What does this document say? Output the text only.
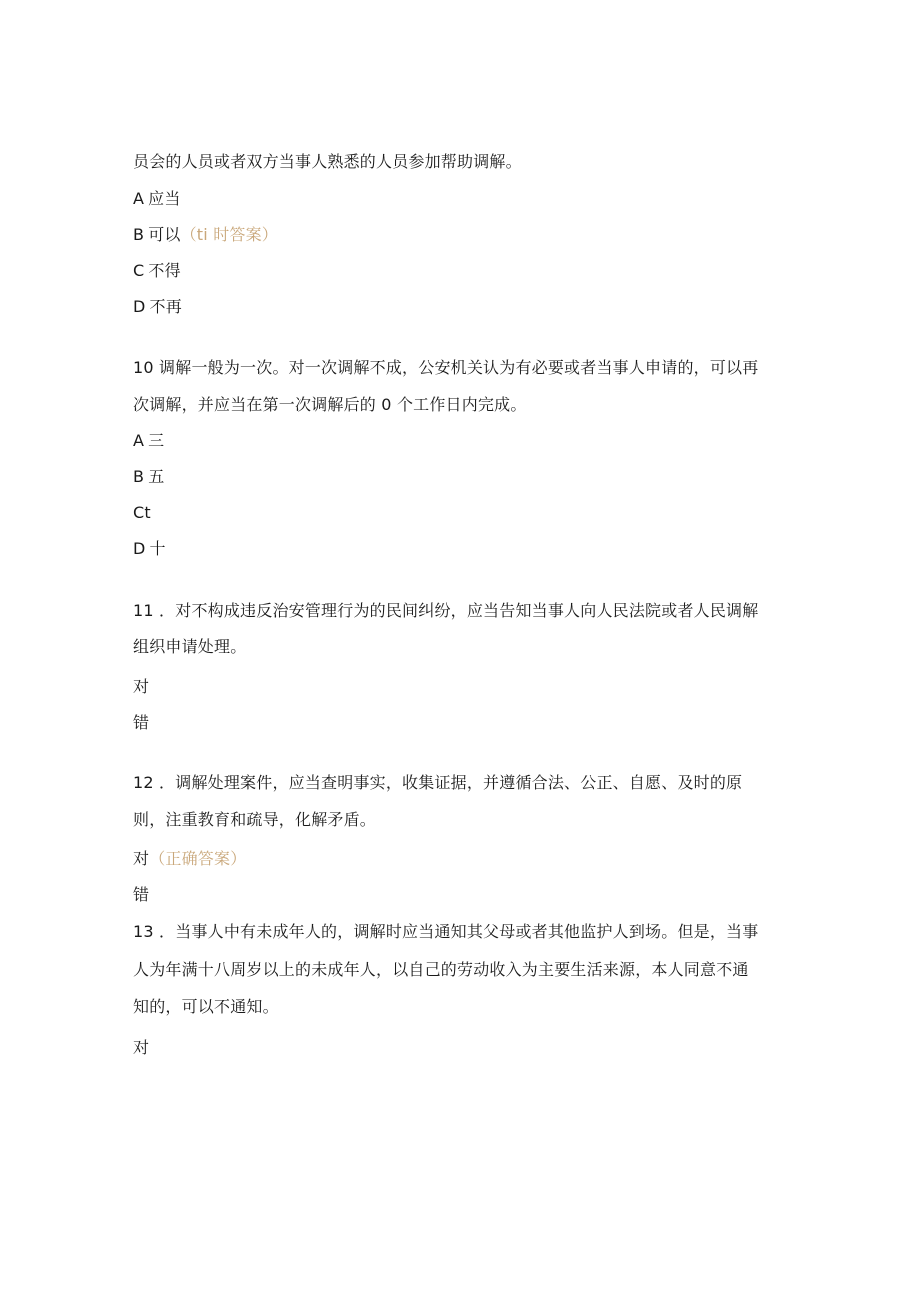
员会的人员或者双方当事人熟悉的人员参加帮助调解。
A 应当
B 可以（ti 时答案）
C 不得
D 不再
10 调解一般为一次。对一次调解不成，公安机关认为有必要或者当事人申请的，可以再
次调解，并应当在第一次调解后的 0 个工作日内完成。
A 三
B 五
Ct
D 十
11 ．对不构成违反治安管理行为的民间纠纷，应当告知当事人向人民法院或者人民调解
组织申请处理。
对
错
12 ．调解处理案件，应当查明事实，收集证据，并遵循合法、公正、自愿、及时的原
则，注重教育和疏导，化解矛盾。
对（正确答案）
错
13 ．当事人中有未成年人的，调解时应当通知其父母或者其他监护人到场。但是，当事
人为年满十八周岁以上的未成年人，以自己的劳动收入为主要生活来源，本人同意不通
知的，可以不通知。
对
